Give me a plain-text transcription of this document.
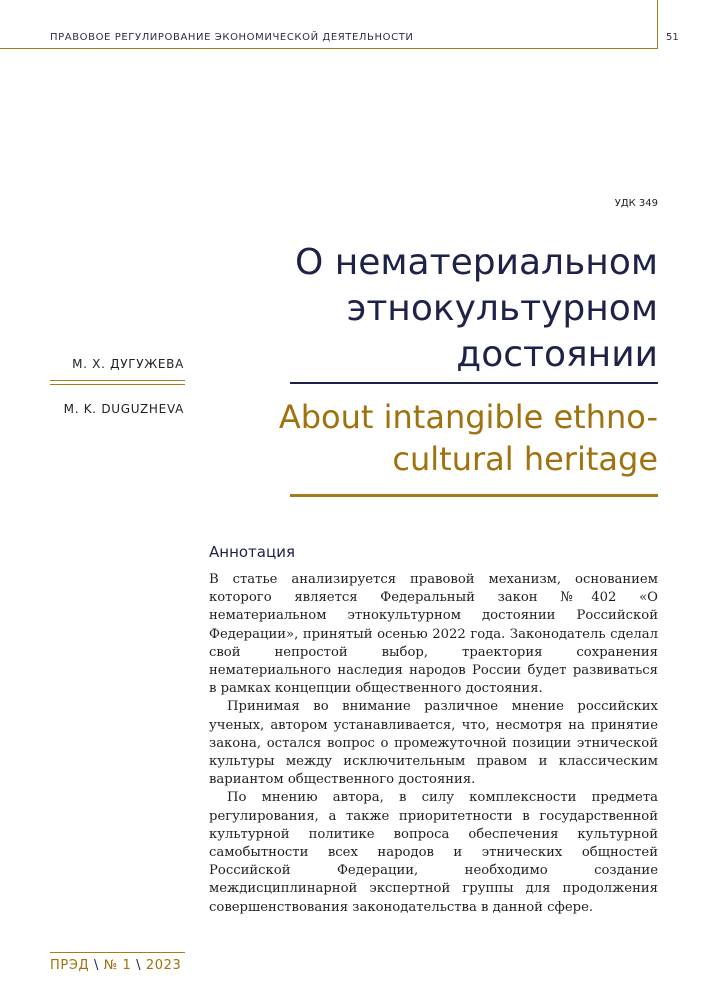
ПРАВОВОЕ РЕГУЛИРОВАНИЕ ЭКОНОМИЧЕСКОЙ ДЕЯТЕЛЬНОСТИ	51
УДК 349
О нематериальном этнокультурном достоянии
About intangible ethno-cultural heritage
М. Х. ДУГУЖЕВА
M. K. DUGUZHEVA
Аннотация

В статье анализируется правовой механизм, основанием которого является Федеральный закон №402 «О нематериальном этнокультурном достоянии Российской Федерации», принятый осенью 2022 года. Законодатель сделал свой непростой выбор, траектория сохранения нематериального наследия народов России будет развиваться в рамках концепции общественного достояния.

Принимая во внимание различное мнение российских ученых, автором устанавливается, что, несмотря на принятие закона, остался вопрос о промежуточной позиции этнической культуры между исключительным правом и классическим вариантом общественного достояния.

По мнению автора, в силу комплексности предмета регулирования, а также приоритетности в государственной культурной политике вопроса обеспечения культурной самобытности всех народов и этнических общностей Российской Федерации, необходимо создание междисциплинарной экспертной группы для продолжения совершенствования законодательства в данной сфере.

ПРЭД \ № 1 \ 2023
